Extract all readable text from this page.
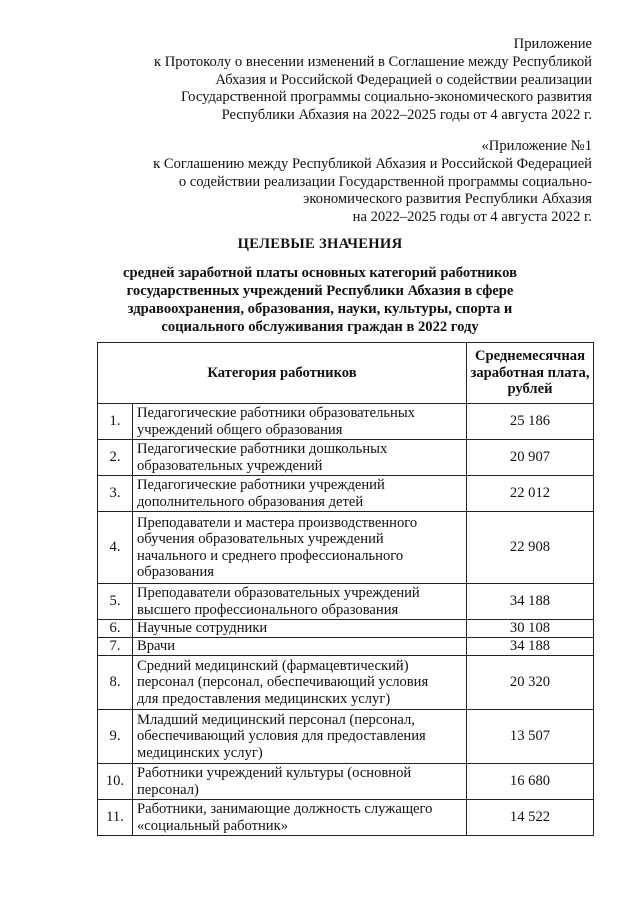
Приложение
к Протоколу о внесении изменений в Соглашение между Республикой
Абхазия и Российской Федерацией о содействии реализации
Государственной программы социально-экономического развития
Республики Абхазия на 2022–2025 годы от 4 августа 2022 г.
«Приложение №1
к Соглашению между Республикой Абхазия и Российской Федерацией
о содействии реализации Государственной программы социально-
экономического развития Республики Абхазия
на 2022–2025 годы от 4 августа 2022 г.
ЦЕЛЕВЫЕ ЗНАЧЕНИЯ
средней заработной платы основных категорий работников
государственных учреждений Республики Абхазия в сфере
здравоохранения, образования, науки, культуры, спорта и
социального обслуживания граждан в 2022 году
Категория работников		Среднемесячная
заработная плата,
рублей

1.	Педагогические работники образовательных
учреждений общего образования	25 186
2.	Педагогические работники дошкольных
образовательных учреждений	20 907
3.	Педагогические работники учреждений
дополнительного образования детей	22 012
4.	Преподаватели и мастера производственного
обучения образовательных учреждений
начального и среднего профессионального
образования	22 908
5.	Преподаватели образовательных учреждений
высшего профессионального образования	34 188
6.	Научные сотрудники	30 108
7.	Врачи	34 188
8.	Средний медицинский (фармацевтический)
персонал (персонал, обеспечивающий условия
для предоставления медицинских услуг)	20 320
9.	Младший медицинский персонал (персонал,
обеспечивающий условия для предоставления
медицинских услуг)	13 507
10.	Работники учреждений культуры (основной
персонал)	16 680
11.	Работники, занимающие должность служащего
«социальный работник»	14 522
